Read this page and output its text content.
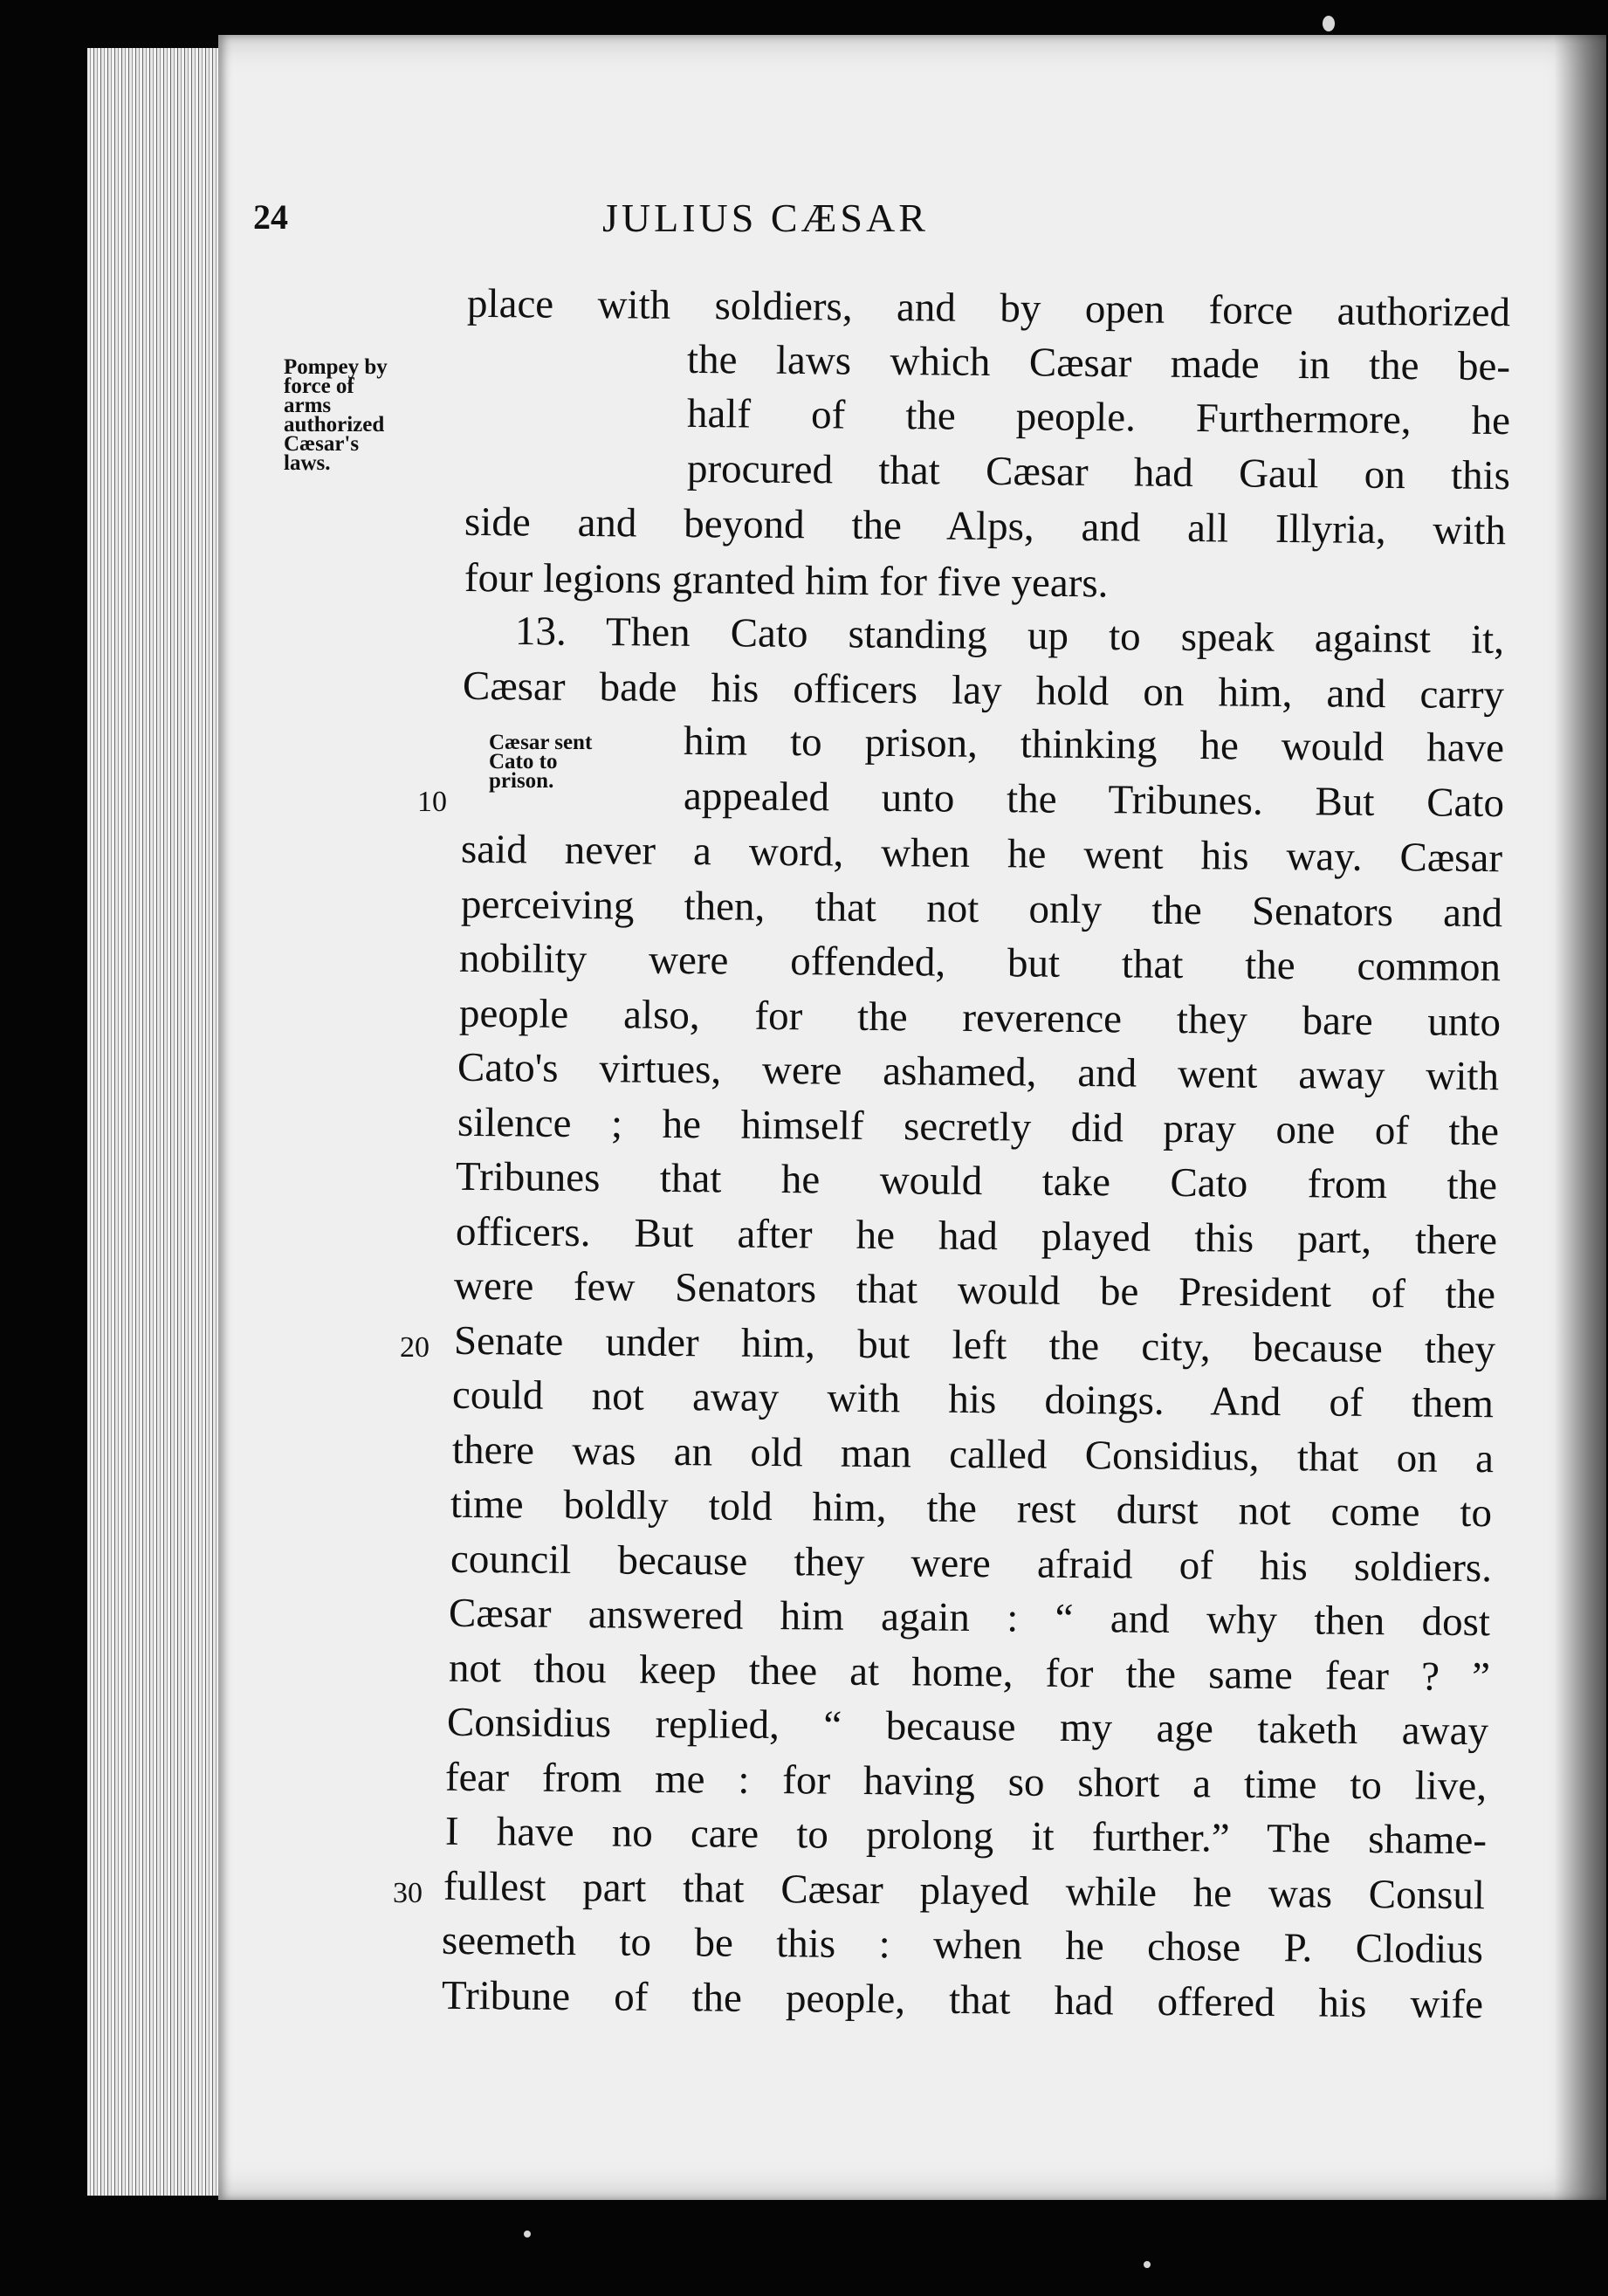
24	JULIUS CÆSAR
place with soldiers, and by open force authorized
the laws which Cæsar made in the be-
half of the people. Furthermore, he
procured that Cæsar had Gaul on this
side and beyond the Alps, and all Illyria, with
four legions granted him for five years.
13. Then Cato standing up to speak against it,
Cæsar bade his officers lay hold on him, and carry
him to prison, thinking he would have
appealed unto the Tribunes. But Cato
said never a word, when he went his way. Cæsar
perceiving then, that not only the Senators and
nobility were offended, but that the common
people also, for the reverence they bare unto
Cato's virtues, were ashamed, and went away with
silence ; he himself secretly did pray one of the
Tribunes that he would take Cato from the
officers. But after he had played this part, there
were few Senators that would be President of the
Senate under him, but left the city, because they
could not away with his doings. And of them
there was an old man called Considius, that on a
time boldly told him, the rest durst not come to
council because they were afraid of his soldiers.
Cæsar answered him again : “ and why then dost
not thou keep thee at home, for the same fear ? ”
Considius replied, “ because my age taketh away
fear from me : for having so short a time to live,
I have no care to prolong it further.” The shame-
fullest part that Cæsar played while he was Consul
seemeth to be this : when he chose P. Clodius
Tribune of the people, that had offered his wife
Pompey by
force of arms
authorized
Cæsar's laws.
Cæsar sent
Cato to
prison.
10
20
30
